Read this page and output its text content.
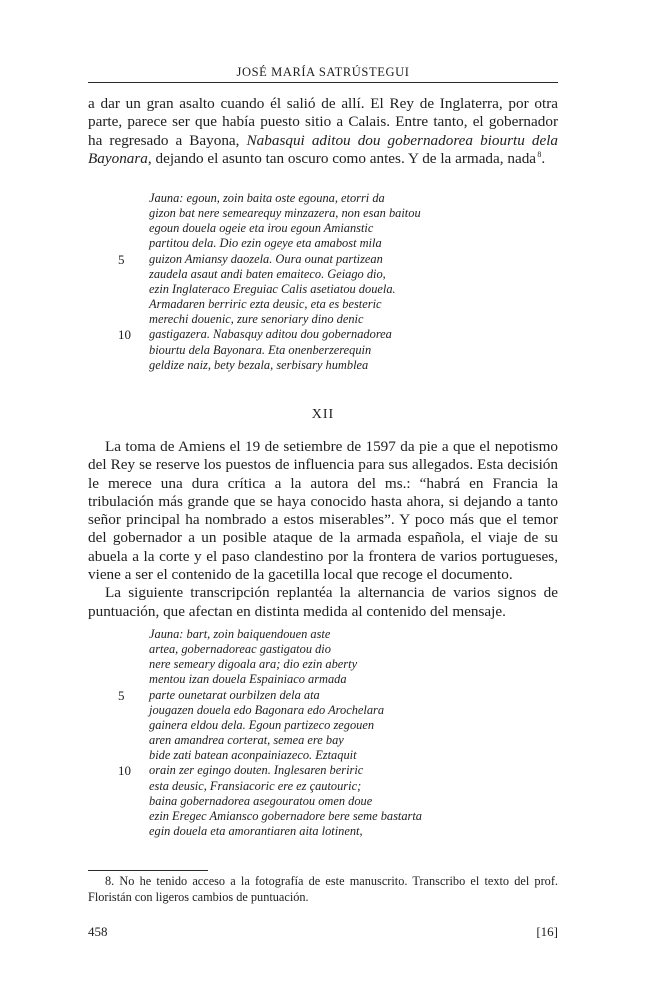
JOSÉ MARÍA SATRÚSTEGUI

a dar un gran asalto cuando él salió de allí. El Rey de Inglaterra, por otra parte, parece ser que había puesto sitio a Calais. Entre tanto, el gobernador ha regresado a Bayona, Nabasqui aditou dou gobernadorea biourtu dela Bayonara, dejando el asunto tan oscuro como antes. Y de la armada, nada $^8$.

Jauna: egoun, zoin baita oste egouna, etorri da
gizon bat nere semearequy minzazera, non esan baitou
egoun douela ogeie eta irou egoun Amianstic
partitou dela. Dio ezin ogeye eta amabost mila
5	guizon Amiansy daozela. Oura ounat partizean
zaudela asaut andi baten emaiteco. Geiago dio,
ezin Inglateraco Ereguiac Calis asetiatou douela.
Armadaren berriric ezta deusic, eta es besteric
merechi douenic, zure senoriary dino denic
10	gastigazera. Nabasquy aditou dou gobernadorea
biourtu dela Bayonara. Eta onenberzerequin
geldize naiz, bety bezala, serbisary humblea
XII

La toma de Amiens el 19 de setiembre de 1597 da pie a que el nepotismo del Rey se reserve los puestos de influencia para sus allegados. Esta decisión le merece una dura crítica a la autora del ms.: “habrá en Francia la tribulación más grande que se haya conocido hasta ahora, si dejando a tanto señor principal ha nombrado a estos miserables”. Y poco más que el temor del gobernador a un posible ataque de la armada española, el viaje de su abuela a la corte y el paso clandestino por la frontera de varios portugueses, viene a ser el contenido de la gacetilla local que recoge el documento.

La siguiente transcripción replantéa la alternancia de varios signos de puntuación, que afectan en distinta medida al contenido del mensaje.

Jauna: bart, zoin baiquendouen aste
artea, gobernadoreac gastigatou dio
nere semeary digoala ara; dio ezin aberty
mentou izan douela Espainiaco armada
5	parte ounetarat ourbilzen dela ata
jougazen douela edo Bagonara edo Arochelara
gainera eldou dela. Egoun partizeco zegouen
aren amandrea corterat, semea ere bay
bide zati batean aconpainiazeco. Eztaquit
10	orain zer egingo douten. Inglesaren beriric
esta deusic, Fransiacoric ere ez çautouric;
baina gobernadorea asegouratou omen doue
ezin Eregec Amiansco gobernadore bere seme bastarta
egin douela eta amorantiaren aita lotinent,

8. No he tenido acceso a la fotografía de este manuscrito. Transcribo el texto del prof. Floristán con ligeros cambios de puntuación.

458	[16]
